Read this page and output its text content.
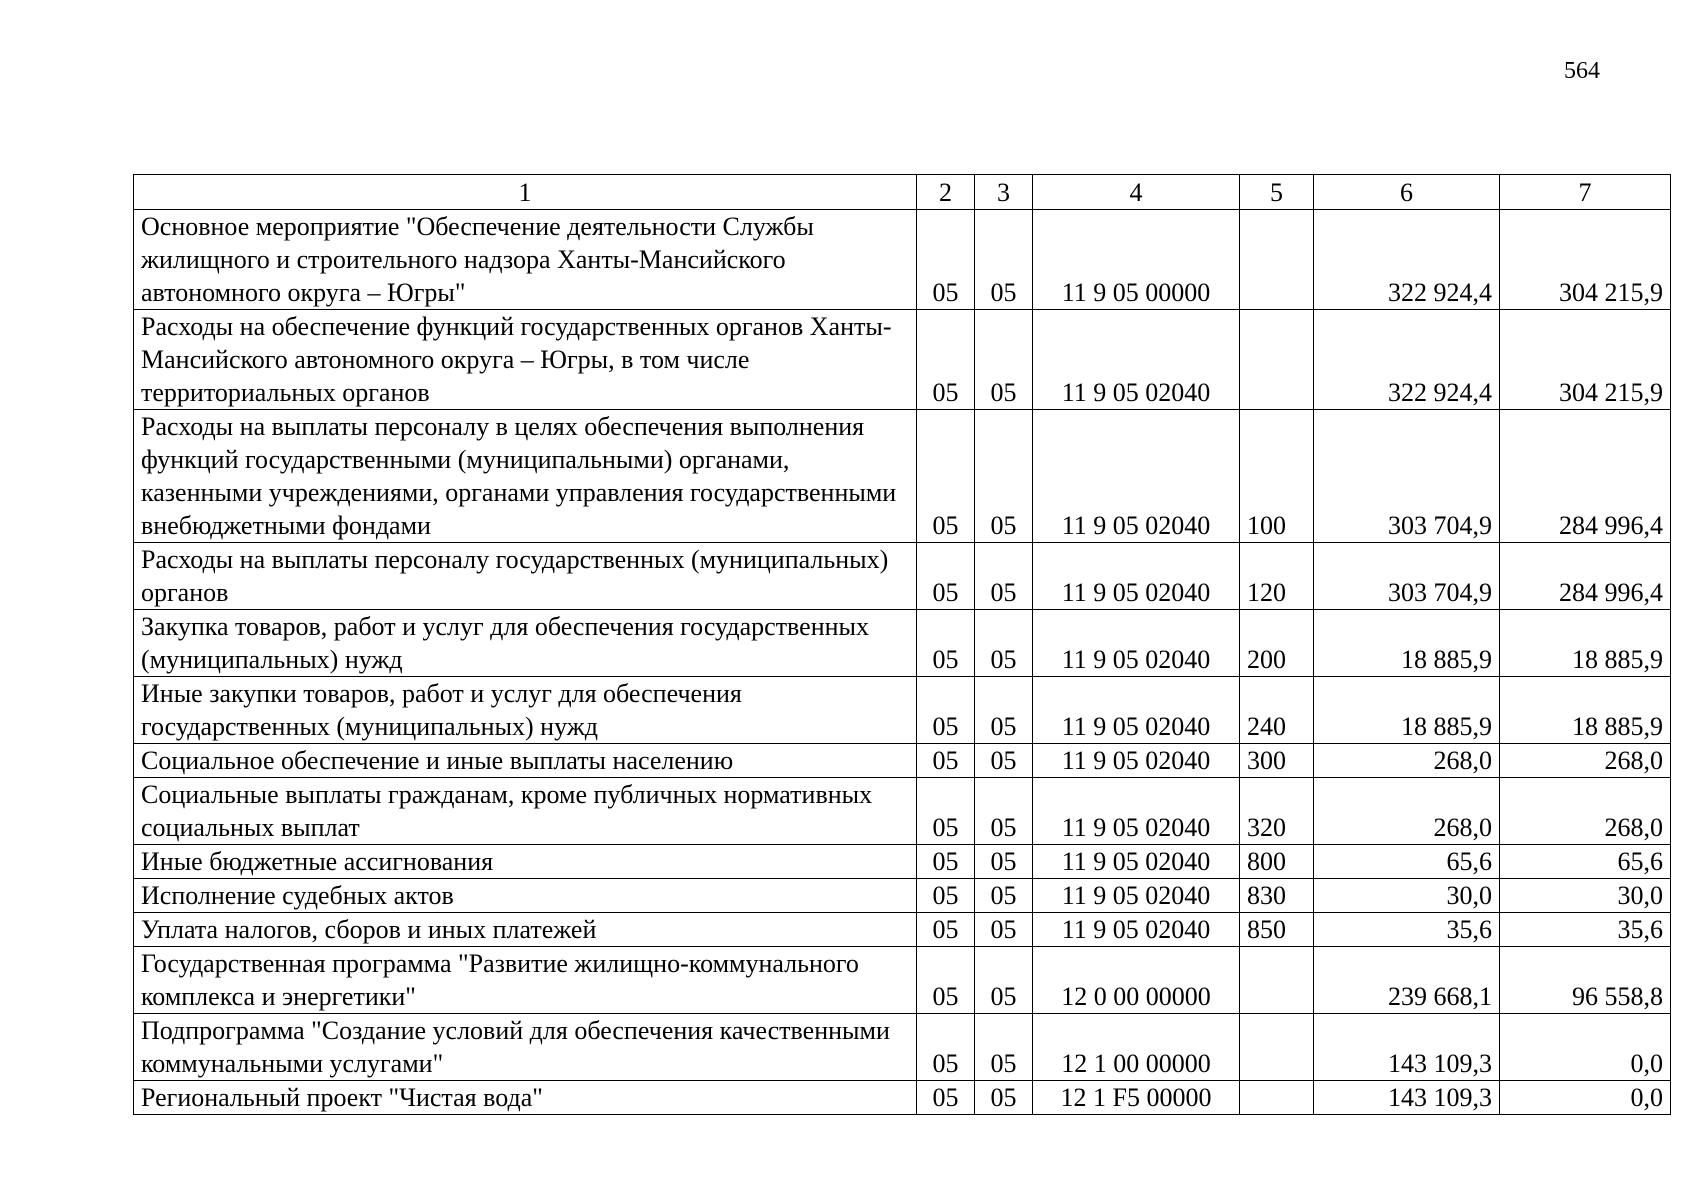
564
1	2	3	4	5	6	7
Основное мероприятие "Обеспечение деятельности Службы жилищного и строительного надзора Ханты-Мансийского автономного округа – Югры"	05	05	11 9 05 00000		322 924,4	304 215,9
Расходы на обеспечение функций государственных органов Ханты-Мансийского автономного округа – Югры, в том числе территориальных органов	05	05	11 9 05 02040		322 924,4	304 215,9
Расходы на выплаты персоналу в целях обеспечения выполнения функций государственными (муниципальными) органами, казенными учреждениями, органами управления государственными внебюджетными фондами	05	05	11 9 05 02040	100	303 704,9	284 996,4
Расходы на выплаты персоналу государственных (муниципальных) органов	05	05	11 9 05 02040	120	303 704,9	284 996,4
Закупка товаров, работ и услуг для обеспечения государственных (муниципальных) нужд	05	05	11 9 05 02040	200	18 885,9	18 885,9
Иные закупки товаров, работ и услуг для обеспечения государственных (муниципальных) нужд	05	05	11 9 05 02040	240	18 885,9	18 885,9
Социальное обеспечение и иные выплаты населению	05	05	11 9 05 02040	300	268,0	268,0
Социальные выплаты гражданам, кроме публичных нормативных социальных выплат	05	05	11 9 05 02040	320	268,0	268,0
Иные бюджетные ассигнования	05	05	11 9 05 02040	800	65,6	65,6
Исполнение судебных актов	05	05	11 9 05 02040	830	30,0	30,0
Уплата налогов, сборов и иных платежей	05	05	11 9 05 02040	850	35,6	35,6
Государственная программа "Развитие жилищно-коммунального комплекса и энергетики"	05	05	12 0 00 00000		239 668,1	96 558,8
Подпрограмма "Создание условий для обеспечения качественными коммунальными услугами"	05	05	12 1 00 00000		143 109,3	0,0
Региональный проект "Чистая вода"	05	05	12 1 F5 00000		143 109,3	0,0
